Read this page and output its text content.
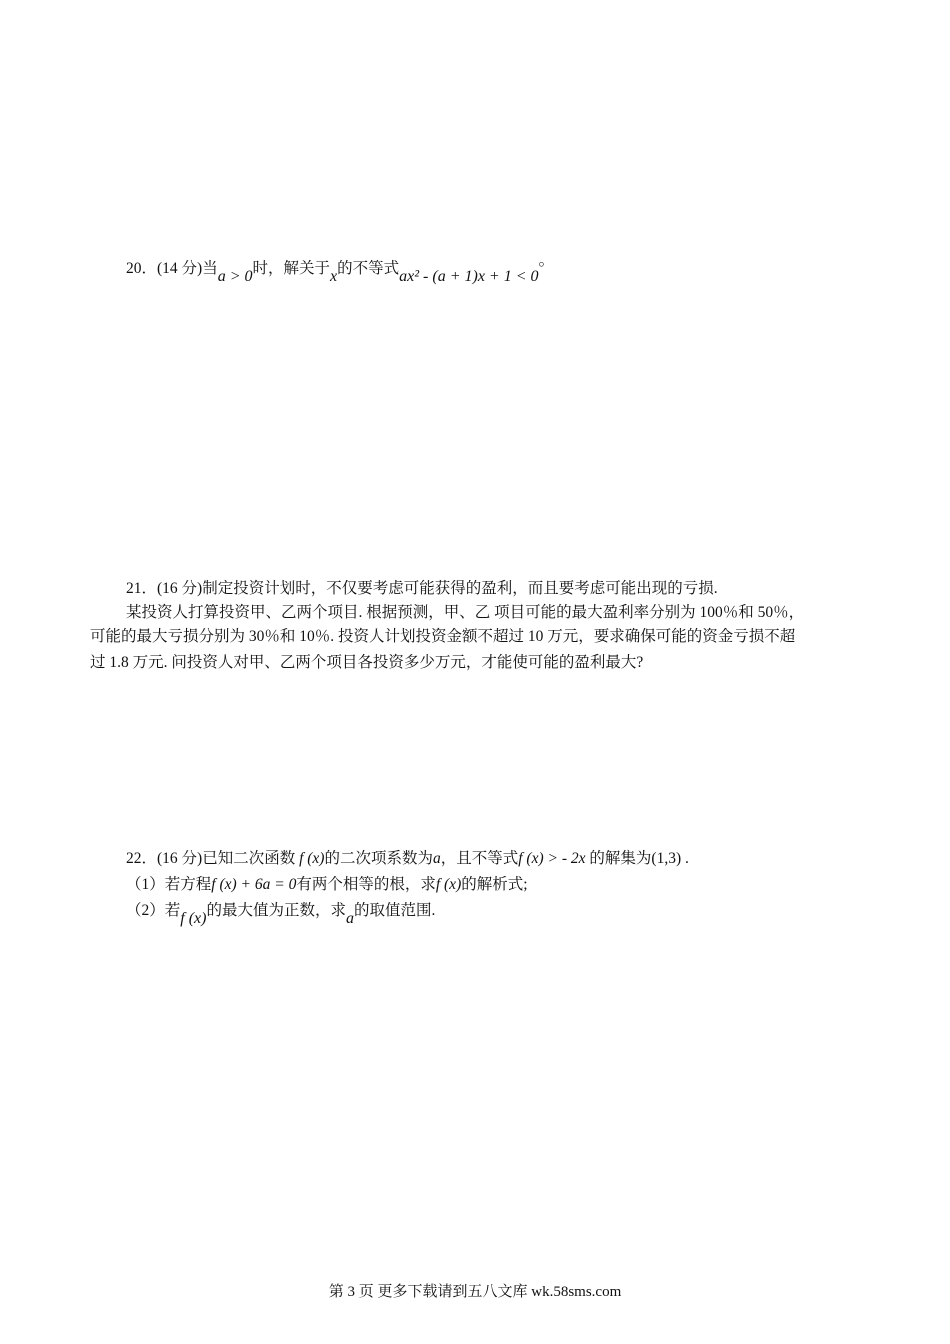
20．(14 分)当a > 0时，解关于x的不等式ax² - (a + 1)x + 1 < 0。
21．(16 分)制定投资计划时，不仅要考虑可能获得的盈利，而且要考虑可能出现的亏损.
某投资人打算投资甲、乙两个项目. 根据预测，甲、乙 项目可能的最大盈利率分别为 100％和 50％，
可能的最大亏损分别为 30％和 10％. 投资人计划投资金额不超过 10 万元，要求确保可能的资金亏损不超
过 1.8 万元. 问投资人对甲、乙两个项目各投资多少万元，才能使可能的盈利最大?
22．(16 分)已知二次函数 f (x)的二次项系数为a，且不等式f (x) > - 2x 的解集为(1,3) .
（1）若方程f (x) + 6a = 0有两个相等的根，求f (x)的解析式;
（2）若f (x)的最大值为正数，求a的取值范围.
第 3 页 更多下载请到五八文库 wk.58sms.com
